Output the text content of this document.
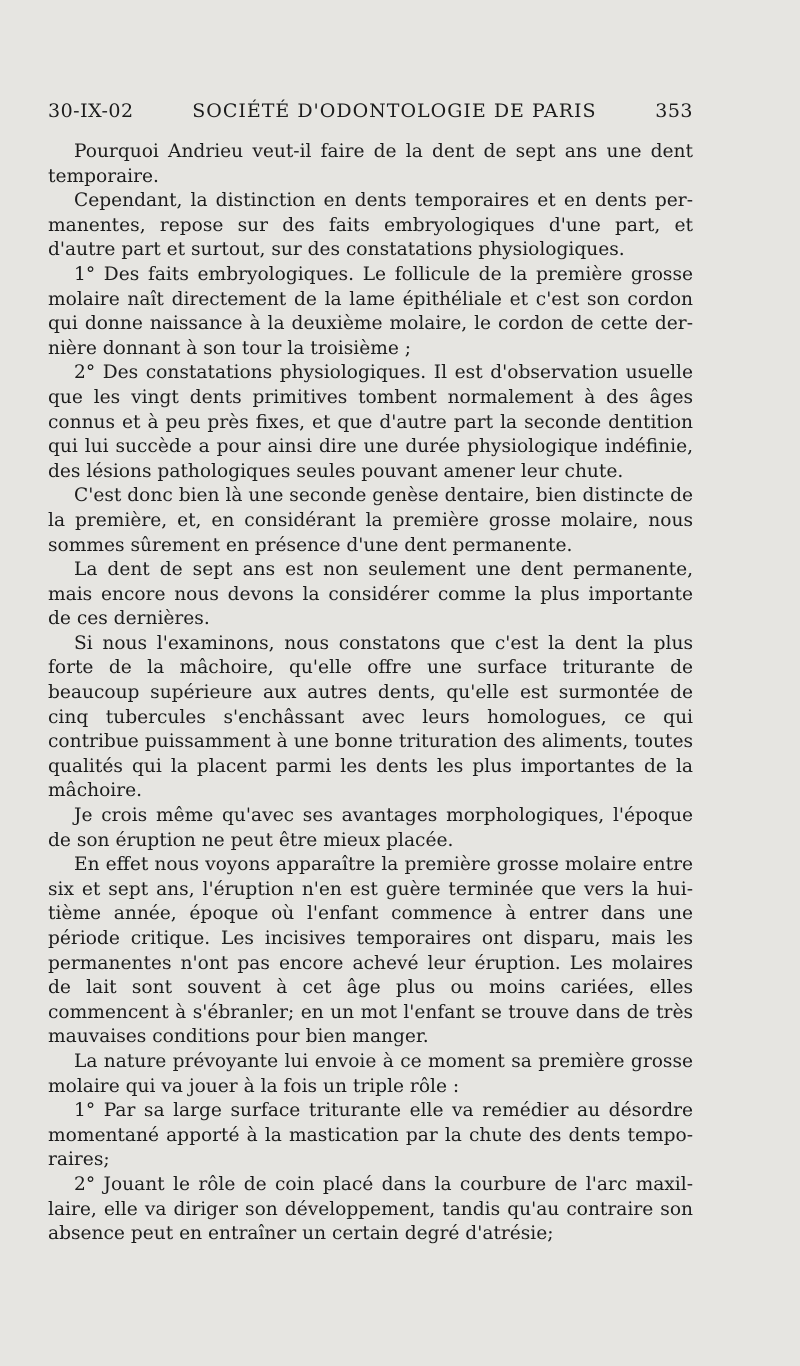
30-IX-02	SOCIÉTÉ D'ODONTOLOGIE DE PARIS	353

Pourquoi Andrieu veut-il faire de la dent de sept ans une dent temporaire.

Cependant, la distinction en dents temporaires et en dents permanentes, repose sur des faits embryologiques d'une part, et d'autre part et surtout, sur des constatations physiologiques.

1° Des faits embryologiques. Le follicule de la première grosse molaire naît directement de la lame épithéliale et c'est son cordon qui donne naissance à la deuxième molaire, le cordon de cette dernière donnant à son tour la troisième ;

2° Des constatations physiologiques. Il est d'observation usuelle que les vingt dents primitives tombent normalement à des âges connus et à peu près fixes, et que d'autre part la seconde dentition qui lui succède a pour ainsi dire une durée physiologique indéfinie, des lésions pathologiques seules pouvant amener leur chute.

C'est donc bien là une seconde genèse dentaire, bien distincte de la première, et, en considérant la première grosse molaire, nous sommes sûrement en présence d'une dent permanente.

La dent de sept ans est non seulement une dent permanente, mais encore nous devons la considérer comme la plus importante de ces dernières.

Si nous l'examinons, nous constatons que c'est la dent la plus forte de la mâchoire, qu'elle offre une surface triturante de beaucoup supérieure aux autres dents, qu'elle est surmontée de cinq tubercules s'enchâssant avec leurs homologues, ce qui contribue puissamment à une bonne trituration des aliments, toutes qualités qui la placent parmi les dents les plus importantes de la mâchoire.

Je crois même qu'avec ses avantages morphologiques, l'époque de son éruption ne peut être mieux placée.

En effet nous voyons apparaître la première grosse molaire entre six et sept ans, l'éruption n'en est guère terminée que vers la huitième année, époque où l'enfant commence à entrer dans une période critique. Les incisives temporaires ont disparu, mais les permanentes n'ont pas encore achevé leur éruption. Les molaires de lait sont souvent à cet âge plus ou moins cariées, elles commencent à s'ébranler; en un mot l'enfant se trouve dans de très mauvaises conditions pour bien manger.

La nature prévoyante lui envoie à ce moment sa première grosse molaire qui va jouer à la fois un triple rôle :

1° Par sa large surface triturante elle va remédier au désordre momentané apporté à la mastication par la chute des dents temporaires;

2° Jouant le rôle de coin placé dans la courbure de l'arc maxillaire, elle va diriger son développement, tandis qu'au contraire son absence peut en entraîner un certain degré d'atrésie;
